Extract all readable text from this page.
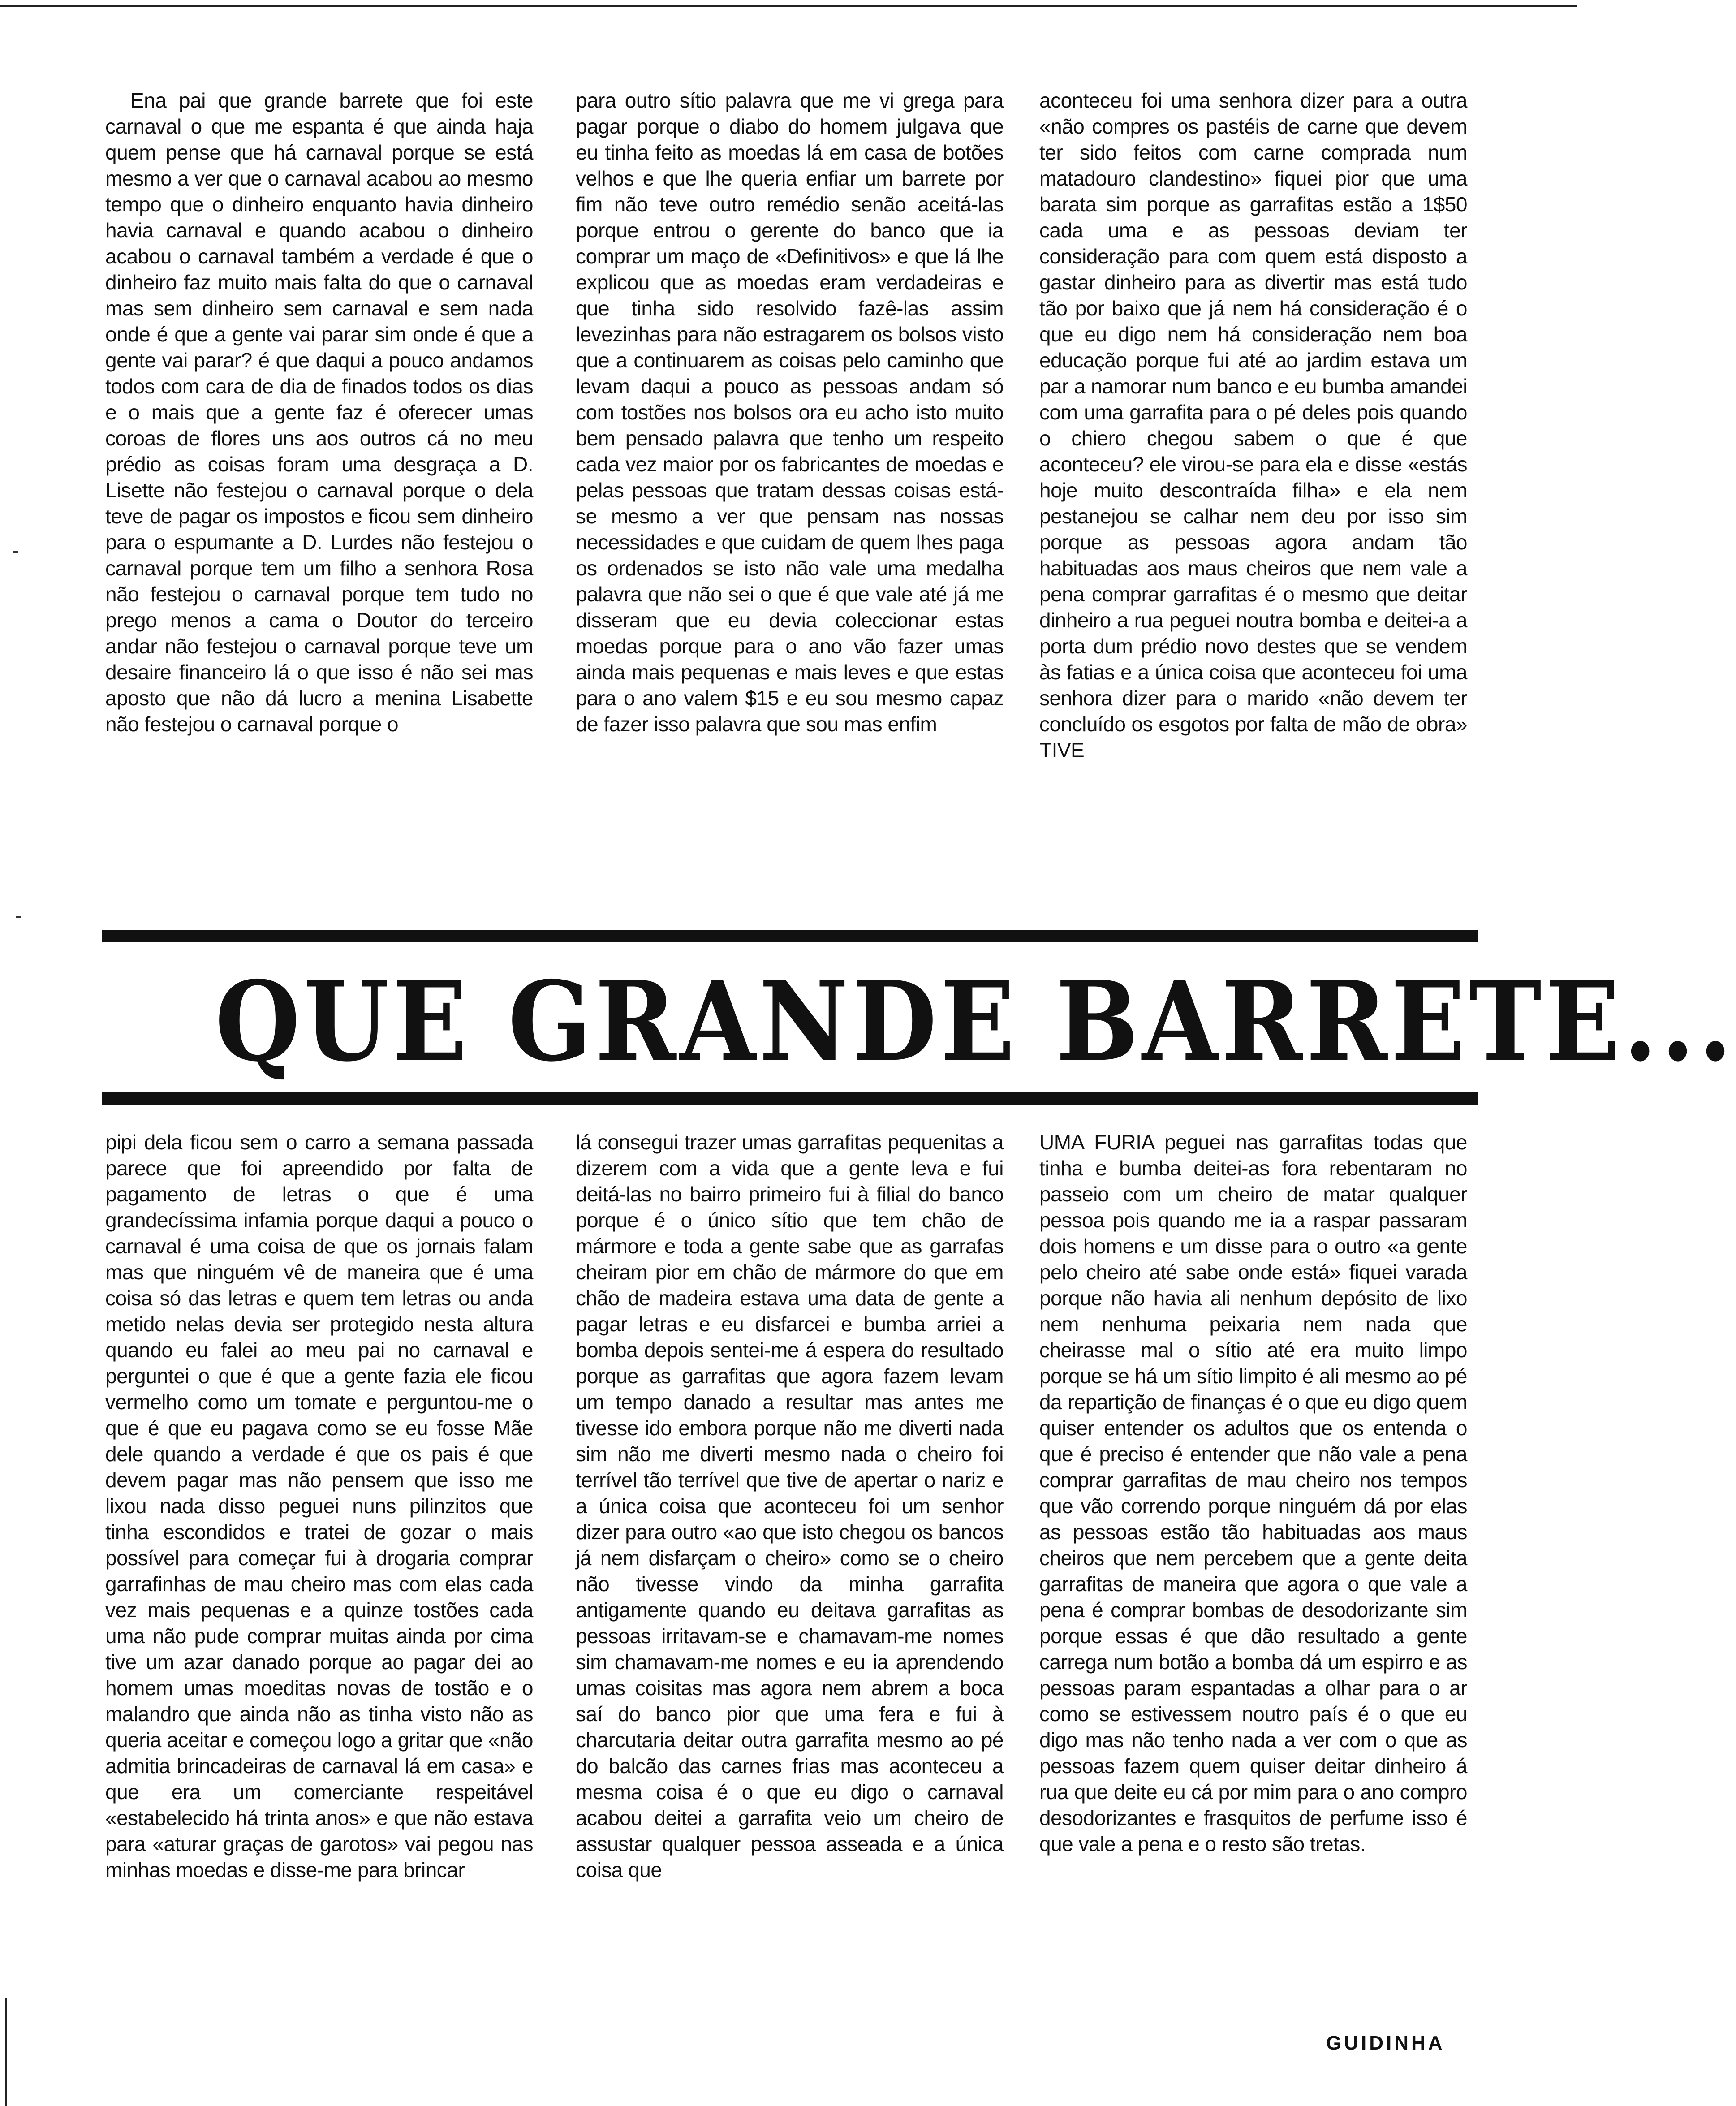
Ena pai que grande barrete que foi este carnaval o que me espanta é que ainda haja quem pense que há carnaval porque se está mesmo a ver que o carnaval acabou ao mesmo tempo que o dinheiro enquanto havia dinheiro havia carnaval e quando acabou o dinheiro acabou o carnaval também a verdade é que o dinheiro faz muito mais falta do que o carnaval mas sem dinheiro sem carnaval e sem nada onde é que a gente vai parar sim onde é que a gente vai parar? é que daqui a pouco andamos todos com cara de dia de finados todos os dias e o mais que a gente faz é oferecer umas coroas de flores uns aos outros cá no meu prédio as coisas foram uma desgraça a D. Lisette não festejou o carnaval porque o dela teve de pagar os impostos e ficou sem dinheiro para o espumante a D. Lurdes não festejou o carnaval porque tem um filho a senhora Rosa não festejou o carnaval porque tem tudo no prego menos a cama o Doutor do terceiro andar não festejou o carnaval porque teve um desaire financeiro lá o que isso é não sei mas aposto que não dá lucro a menina Lisabette não festejou o carnaval porque o

para outro sítio palavra que me vi grega para pagar porque o diabo do homem julgava que eu tinha feito as moedas lá em casa de botões velhos e que lhe queria enfiar um barrete por fim não teve outro remédio senão aceitá-las porque entrou o gerente do banco que ia comprar um maço de «Definitivos» e que lá lhe explicou que as moedas eram verdadeiras e que tinha sido resolvido fazê-las assim levezinhas para não estragarem os bolsos visto que a continuarem as coisas pelo caminho que levam daqui a pouco as pessoas andam só com tostões nos bolsos ora eu acho isto muito bem pensado palavra que tenho um respeito cada vez maior por os fabricantes de moedas e pelas pessoas que tratam dessas coisas está-se mesmo a ver que pensam nas nossas necessidades e que cuidam de quem lhes paga os ordenados se isto não vale uma medalha palavra que não sei o que é que vale até já me disseram que eu devia coleccionar estas moedas porque para o ano vão fazer umas ainda mais pequenas e mais leves e que estas para o ano valem $15 e eu sou mesmo capaz de fazer isso palavra que sou mas enfim

aconteceu foi uma senhora dizer para a outra «não compres os pastéis de carne que devem ter sido feitos com carne comprada num matadouro clandestino» fiquei pior que uma barata sim porque as garrafitas estão a 1$50 cada uma e as pessoas deviam ter consideração para com quem está disposto a gastar dinheiro para as divertir mas está tudo tão por baixo que já nem há consideração é o que eu digo nem há consideração nem boa educação porque fui até ao jardim estava um par a namorar num banco e eu bumba amandei com uma garrafita para o pé deles pois quando o chiero chegou sabem o que é que aconteceu? ele virou-se para ela e disse «estás hoje muito descontraída filha» e ela nem pestanejou se calhar nem deu por isso sim porque as pessoas agora andam tão habituadas aos maus cheiros que nem vale a pena comprar garrafitas é o mesmo que deitar dinheiro a rua peguei noutra bomba e deitei-a a porta dum prédio novo destes que se vendem às fatias e a única coisa que aconteceu foi uma senhora dizer para o marido «não devem ter concluído os esgotos por falta de mão de obra» TIVE

QUE GRANDE BARRETE...

pipi dela ficou sem o carro a semana passada parece que foi apreendido por falta de pagamento de letras o que é uma grandecíssima infamia porque daqui a pouco o carnaval é uma coisa de que os jornais falam mas que ninguém vê de maneira que é uma coisa só das letras e quem tem letras ou anda metido nelas devia ser protegido nesta altura quando eu falei ao meu pai no carnaval e perguntei o que é que a gente fazia ele ficou vermelho como um tomate e perguntou-me o que é que eu pagava como se eu fosse Mãe dele quando a verdade é que os pais é que devem pagar mas não pensem que isso me lixou nada disso peguei nuns pilinzitos que tinha escondidos e tratei de gozar o mais possível para começar fui à drogaria comprar garrafinhas de mau cheiro mas com elas cada vez mais pequenas e a quinze tostões cada uma não pude comprar muitas ainda por cima tive um azar danado porque ao pagar dei ao homem umas moeditas novas de tostão e o malandro que ainda não as tinha visto não as queria aceitar e começou logo a gritar que «não admitia brincadeiras de carnaval lá em casa» e que era um comerciante respeitável «estabelecido há trinta anos» e que não estava para «aturar graças de garotos» vai pegou nas minhas moedas e disse-me para brincar

lá consegui trazer umas garrafitas pequenitas a dizerem com a vida que a gente leva e fui deitá-las no bairro primeiro fui à filial do banco porque é o único sítio que tem chão de mármore e toda a gente sabe que as garrafas cheiram pior em chão de mármore do que em chão de madeira estava uma data de gente a pagar letras e eu disfarcei e bumba arriei a bomba depois sentei-me á espera do resultado porque as garrafitas que agora fazem levam um tempo danado a resultar mas antes me tivesse ido embora porque não me diverti nada sim não me diverti mesmo nada o cheiro foi terrível tão terrível que tive de apertar o nariz e a única coisa que aconteceu foi um senhor dizer para outro «ao que isto chegou os bancos já nem disfarçam o cheiro» como se o cheiro não tivesse vindo da minha garrafita antigamente quando eu deitava garrafitas as pessoas irritavam-se e chamavam-me nomes sim chamavam-me nomes e eu ia aprendendo umas coisitas mas agora nem abrem a boca saí do banco pior que uma fera e fui à charcutaria deitar outra garrafita mesmo ao pé do balcão das carnes frias mas aconteceu a mesma coisa é o que eu digo o carnaval acabou deitei a garrafita veio um cheiro de assustar qualquer pessoa asseada e a única coisa que

UMA FURIA peguei nas garrafitas todas que tinha e bumba deitei-as fora rebentaram no passeio com um cheiro de matar qualquer pessoa pois quando me ia a raspar passaram dois homens e um disse para o outro «a gente pelo cheiro até sabe onde está» fiquei varada porque não havia ali nenhum depósito de lixo nem nenhuma peixaria nem nada que cheirasse mal o sítio até era muito limpo porque se há um sítio limpito é ali mesmo ao pé da repartição de finanças é o que eu digo quem quiser entender os adultos que os entenda o que é preciso é entender que não vale a pena comprar garrafitas de mau cheiro nos tempos que vão correndo porque ninguém dá por elas as pessoas estão tão habituadas aos maus cheiros que nem percebem que a gente deita garrafitas de maneira que agora o que vale a pena é comprar bombas de desodorizante sim porque essas é que dão resultado a gente carrega num botão a bomba dá um espirro e as pessoas param espantadas a olhar para o ar como se estivessem noutro país é o que eu digo mas não tenho nada a ver com o que as pessoas fazem quem quiser deitar dinheiro á rua que deite eu cá por mim para o ano compro desodorizantes e frasquitos de perfume isso é que vale a pena e o resto são tretas.

GUIDINHA
